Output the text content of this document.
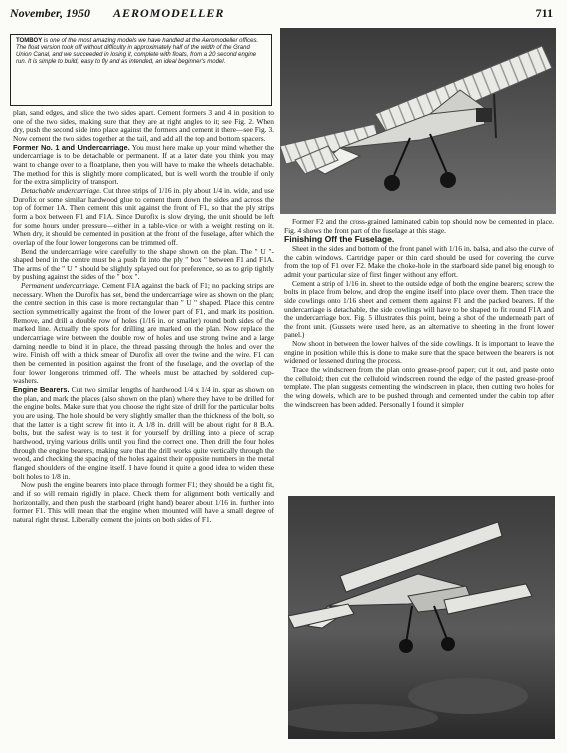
November, 1950	AEROMODELLER	711
TOMBOY is one of the most amazing models we have handled at the Aeromodeller offices. The float version took off without difficulty in approximately half of the width of the Grand Union Canal, and we succeeded in losing it, complete with floats, from a 20 second engine run. It is simple to build, easy to fly and as intended, an ideal beginner's model.

plan, sand edges, and slice the two sides apart. Cement formers 3 and 4 in position to one of the two sides, making sure that they are at right angles to it; see Fig. 2. When dry, push the second side into place against the formers and cement it there—see Fig. 3. Now cement the two sides together at the tail, and add all the top and bottom spacers.

Former No. 1 and Undercarriage. You must here make up your mind whether the undercarriage is to be detachable or permanent. If at a later date you think you may want to change over to a floatplane, then you will have to make the wheels detachable. The method for this is slightly more complicated, but is well worth the trouble if only for the extra simplicity of transport.

Detachable undercarriage. Cut three strips of 1/16 in. ply about 1/4 in. wide, and use Durofix or some similar hardwood glue to cement them down the sides and across the top of former 1A. Then cement this unit against the front of F1, so that the ply strips form a box between F1 and F1A. Since Durofix is slow drying, the unit should be left for some hours under pressure—either in a table-vice or with a weight resting on it. When dry, it should be cemented in position at the front of the fuselage, after which the overlap of the four lower longerons can be trimmed off.

Bend the undercarriage wire carefully to the shape shown on the plan. The " U "-shaped bend in the centre must be a push fit into the ply " box " between F1 and F1A. The arms of the " U " should be slightly splayed out for preference, so as to grip tightly by pushing against the sides of the " box ".

Permanent undercarriage. Cement F1A against the back of F1; no packing strips are necessary. When the Durofix has set, bend the undercarriage wire as shown on the plan; the centre section in this case is more rectangular than " U " shaped. Place this centre section symmetrically against the front of the lower part of F1, and mark its position. Remove, and drill a double row of holes (1/16 in. or smaller) round both sides of the marked line. Actually the spots for drilling are marked on the plan. Now replace the undercarriage wire between the double row of holes and use strong twine and a large darning needle to bind it in place, the thread passing through the holes and over the wire. Finish off with a thick smear of Durofix all over the twine and the wire. F1 can then be cemented in position against the front of the fuselage, and the overlap of the four lower longerons trimmed off. The wheels must be attached by soldered cup-washers.

Engine Bearers. Cut two similar lengths of hardwood 1/4 x 1/4 in. spar as shown on the plan, and mark the places (also shown on the plan) where they have to be drilled for the engine bolts. Make sure that you choose the right size of drill for the particular bolts you are using. The hole should be very slightly smaller than the thickness of the bolt, so that the latter is a tight screw fit into it. A 1/8 in. drill will be about right for 8 B.A. bolts, but the safest way is to test it for yourself by drilling into a piece of scrap hardwood, trying various drills until you find the correct one. Then drill the four holes through the engine bearers, making sure that the drill works quite vertically through the wood, and checking the spacing of the holes against their opposite numbers in the metal flanged shoulders of the engine itself. I have found it quite a good idea to widen these bolt holes to 1/8 in.

Now push the engine bearers into place through former F1; they should be a tight fit, and if so will remain rigidly in place. Check them for alignment both vertically and horizontally, and then push the starboard (right hand) bearer about 1/16 in. further into former F1. This will mean that the engine when mounted will have a small degree of natural right thrust. Liberally cement the joints on both sides of F1.

Former F2 and the cross-grained laminated cabin top should now be cemented in place. Fig. 4 shows the front part of the fuselage at this stage.

Finishing Off the Fuselage.

Sheet in the sides and bottom of the front panel with 1/16 in. balsa, and also the curve of the cabin windows. Cartridge paper or thin card should be used for covering the curve from the top of F1 over F2. Make the choke-hole in the starboard side panel big enough to admit your particular size of first finger without any effort.

Cement a strip of 1/16 in. sheet to the outside edge of both the engine bearers; screw the bolts in place from below, and drop the engine itself into place over them. Then trace the side cowlings onto 1/16 sheet and cement them against F1 and the packed bearers. If the undercarriage is detachable, the side cowlings will have to be shaped to fit round F1A and the undercarriage box. Fig. 5 illustrates this point, being a shot of the underneath part of the front unit. (Gussets were used here, as an alternative to sheeting in the front lower panel.)

Now shoot in between the lower halves of the side cowlings. It is important to leave the engine in position while this is done to make sure that the space between the bearers is not widened or lessened during the process.

Trace the windscreen from the plan onto grease-proof paper; cut it out, and paste onto the celluloid; then cut the celluloid windscreen round the edge of the pasted grease-proof template. The plan suggests cementing the windscreen in place, then cutting two holes for the wing dowels, which are to be pushed through and cemented under the cabin top after the windscreen has been added. Personally I found it simpler
